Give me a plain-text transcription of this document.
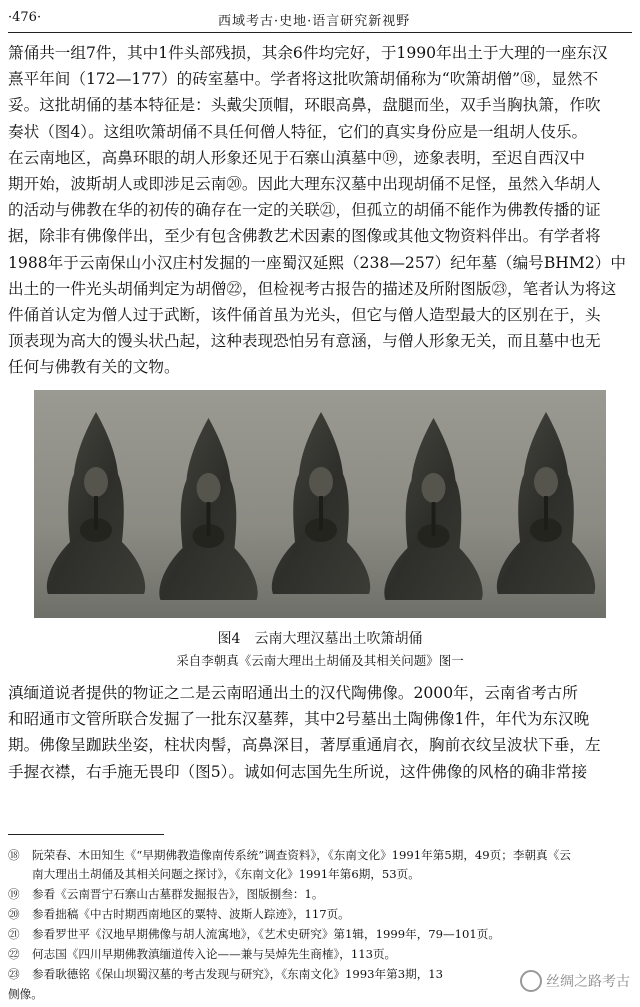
·476·	西域考古·史地·语言研究新视野
箫俑共一组7件，其中1件头部残损，其余6件均完好，于1990年出土于大理的一座东汉
熹平年间（172—177）的砖室墓中。学者将这批吹箫胡俑称为“吹箫胡僧”⑱，显然不
妥。这批胡俑的基本特征是：头戴尖顶帽，环眼高鼻，盘腿而坐，双手当胸执箫，作吹
奏状（图4）。这组吹箫胡俑不具任何僧人特征，它们的真实身份应是一组胡人伎乐。
在云南地区，高鼻环眼的胡人形象还见于石寨山滇墓中⑲，迹象表明，至迟自西汉中
期开始，波斯胡人或即涉足云南⑳。因此大理东汉墓中出现胡俑不足怪，虽然入华胡人
的活动与佛教在华的初传的确存在一定的关联㉑，但孤立的胡俑不能作为佛教传播的证
据，除非有佛像伴出，至少有包含佛教艺术因素的图像或其他文物资料伴出。有学者将
1988年于云南保山小汉庄村发掘的一座蜀汉延熙（238—257）纪年墓（编号BHM2）中
出土的一件光头胡俑判定为胡僧㉒，但检视考古报告的描述及所附图版㉓，笔者认为将这
件俑首认定为僧人过于武断，该件俑首虽为光头，但它与僧人造型最大的区别在于，头
顶表现为高大的馒头状凸起，这种表现恐怕另有意涵，与僧人形象无关，而且墓中也无
任何与佛教有关的文物。
图4　云南大理汉墓出土吹箫胡俑
采自李朝真《云南大理出土胡俑及其相关问题》图一
滇缅道说者提供的物证之二是云南昭通出土的汉代陶佛像。2000年，云南省考古所
和昭通市文管所联合发掘了一批东汉墓葬，其中2号墓出土陶佛像1件，年代为东汉晚
期。佛像呈跏趺坐姿，柱状肉髻，高鼻深目，著厚重通肩衣，胸前衣纹呈波状下垂，左
手握衣襟，右手施无畏印（图5）。诚如何志国先生所说，这件佛像的风格的确非常接
⑱ 阮荣春、木田知生《“早期佛教造像南传系统”调查资料》，《东南文化》1991年第5期，49页；李朝真《云
南大理出土胡俑及其相关问题之探讨》，《东南文化》1991年第6期，53页。
⑲ 参看《云南晋宁石寨山古墓群发掘报告》，图版捌叁：1。
⑳ 参看拙稿《中古时期西南地区的粟特、波斯人踪迹》，117页。
㉑ 参看罗世平《汉地早期佛像与胡人流寓地》，《艺术史研究》第1辑，1999年，79—101页。
㉒ 何志国《四川早期佛教滇缅道传入论——兼与吴焯先生商榷》，113页。
㉓ 参看耿德铭《保山坝蜀汉墓的考古发现与研究》，《东南文化》1993年第3期，13
侧像。
丝绸之路考古
